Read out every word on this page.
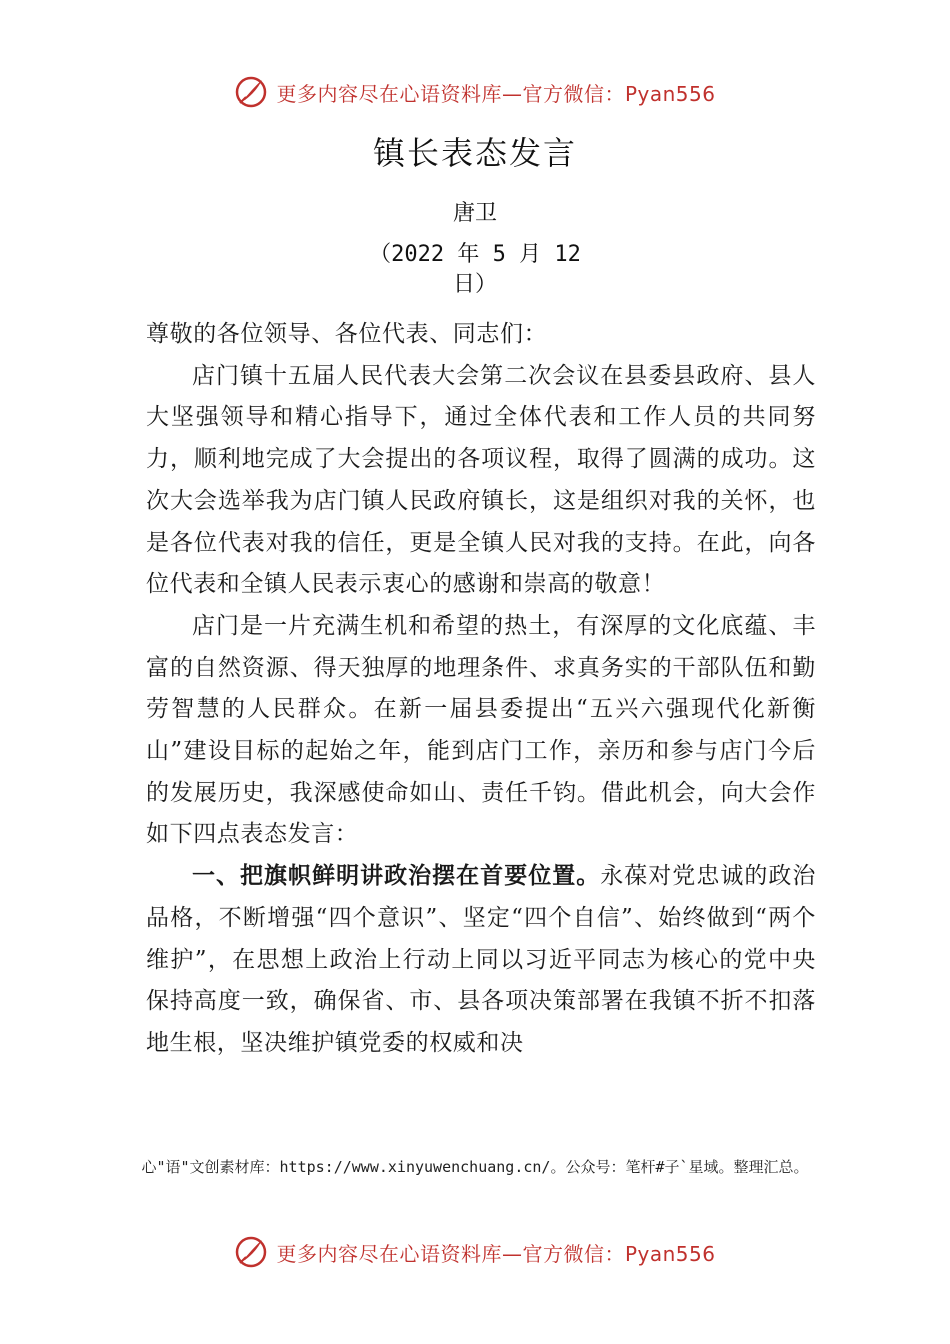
更多内容尽在心语资料库—官方微信：Pyan556
镇长表态发言
唐卫
（2022 年 5 月 12
日）

尊敬的各位领导、各位代表、同志们：

店门镇十五届人民代表大会第二次会议在县委县政府、县人大坚强领导和精心指导下，通过全体代表和工作人员的共同努力，顺利地完成了大会提出的各项议程，取得了圆满的成功。这次大会选举我为店门镇人民政府镇长，这是组织对我的关怀，也是各位代表对我的信任，更是全镇人民对我的支持。在此，向各位代表和全镇人民表示衷心的感谢和崇高的敬意！

店门是一片充满生机和希望的热土，有深厚的文化底蕴、丰富的自然资源、得天独厚的地理条件、求真务实的干部队伍和勤劳智慧的人民群众。在新一届县委提出“五兴六强现代化新衡山”建设目标的起始之年，能到店门工作，亲历和参与店门今后的发展历史，我深感使命如山、责任千钧。借此机会，向大会作如下四点表态发言：

一、把旗帜鲜明讲政治摆在首要位置。永葆对党忠诚的政治品格，不断增强“四个意识”、坚定“四个自信”、始终做到“两个维护”，在思想上政治上行动上同以习近平同志为核心的党中央保持高度一致，确保省、市、县各项决策部署在我镇不折不扣落地生根，坚决维护镇党委的权威和决

心"语"文创素材库：https://www.xinyuwenchuang.cn/。公众号：笔杆#子`星域。整理汇总。
更多内容尽在心语资料库—官方微信：Pyan556
